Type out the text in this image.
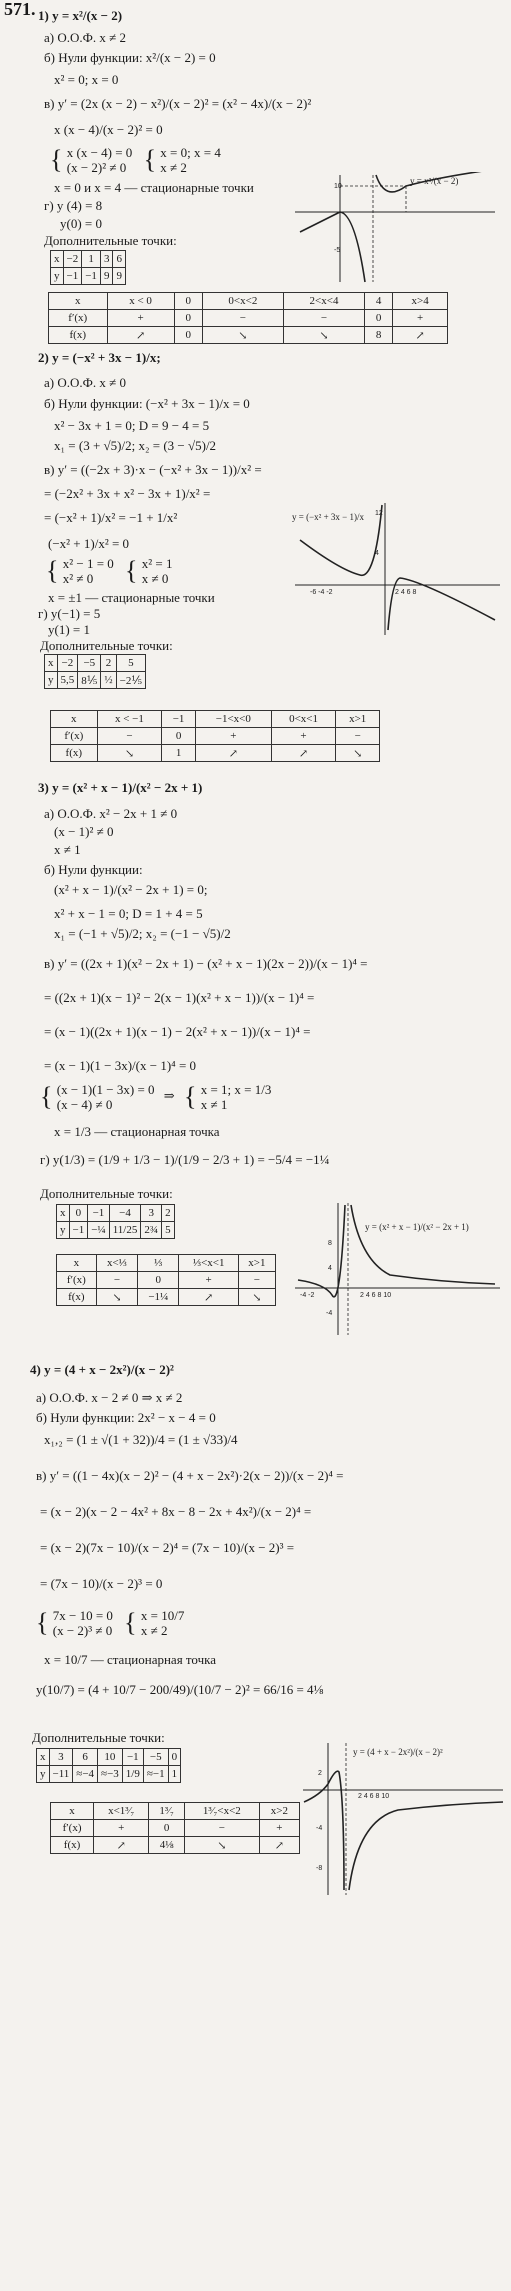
571. 1) y = x²/(x − 2)
а) О.О.Ф. x ≠ 2
б) Нули функции: x²/(x − 2) = 0
x² = 0; x = 0
в) y′ = (2x (x − 2) − x²)/(x − 2)² = (x² − 4x)/(x − 2)²
x (x − 4)/(x − 2)² = 0
{ x (x − 4) = 0
(x − 2)² ≠ 0 { x = 0; x = 4
x ≠ 2
x = 0 и x = 4 — стационарные точки
г) y (4) = 8
y(0) = 0
Дополнительные точки:
x	−2	1	3	6
y	−1	−1	9	9
x	x < 0	0	0<x<2	2<x<4	4	x>4
f′(x)	+	0	−	−	0	+
f(x)	↗	0	↘	↘	8	↗
10
-5
y = x²/(x − 2)
2) y = (−x² + 3x − 1)/x;
а) О.О.Ф. x ≠ 0
б) Нули функции: (−x² + 3x − 1)/x = 0
x² − 3x + 1 = 0; D = 9 − 4 = 5
x₁ = (3 + √5)/2; x₂ = (3 − √5)/2
в) y′ = ((−2x + 3)·x − (−x² + 3x − 1))/x² =
= (−2x² + 3x + x² − 3x + 1)/x² =
= (−x² + 1)/x² = −1 + 1/x²
(−x² + 1)/x² = 0
{ x² − 1 = 0
x² ≠ 0	{ x² = 1
x ≠ 0
x = ±1 — стационарные точки
г) y(−1) = 5
y(1) = 1
Дополнительные точки:
x	−2	−5	2	5
y	5,5	8⅕	½	−2⅕
x	x < −1	−1	−1<x<0	0<x<1	x>1
f′(x)	−	0	+	+	−
f(x)	↘	1	↗	↗	↘
12
4
-6 -4 -2	2 4 6 8
y = (−x² + 3x − 1)/x
3) y = (x² + x − 1)/(x² − 2x + 1)
а) О.О.Ф. x² − 2x + 1 ≠ 0
(x − 1)² ≠ 0
x ≠ 1
б) Нули функции:
(x² + x − 1)/(x² − 2x + 1) = 0;
x² + x − 1 = 0; D = 1 + 4 = 5
x₁ = (−1 + √5)/2; x₂ = (−1 − √5)/2
в) y′ = ((2x + 1)(x² − 2x + 1) − (x² + x − 1)(2x − 2))/(x − 1)⁴ =
= ((2x + 1)(x − 1)² − 2(x − 1)(x² + x − 1))/(x − 1)⁴ =
= (x − 1)((2x + 1)(x − 1) − 2(x² + x − 1))/(x − 1)⁴ =
= (x − 1)(1 − 3x)/(x − 1)⁴ = 0
{ (x − 1)(1 − 3x) = 0
(x − 4) ≠ 0
⇒ { x = 1; x = 1/3
x ≠ 1
x = 1/3 — стационарная точка
г) y(1/3) = (1/9 + 1/3 − 1)/(1/9 − 2/3 + 1) = −5/4 = −1¼
Дополнительные точки:
x	0	−1	−4	3	2
y	−1	−¼	11/25	2¾	5
x	x<⅓	⅓	⅓<x<1	x>1
f′(x)	−	0	+	−
f(x)	↘	−1¼	↗	↘
8
4
-4
-4 -2	2 4 6 8 10
y = (x² + x − 1)/(x² − 2x + 1)
4) y = (4 + x − 2x²)/(x − 2)²
а) О.О.Ф. x − 2 ≠ 0 ⇒ x ≠ 2
б) Нули функции: 2x² − x − 4 = 0
x₁,₂ = (1 ± √(1 + 32))/4 = (1 ± √33)/4
в) y′ = ((1 − 4x)(x − 2)² − (4 + x − 2x²)·2(x − 2))/(x − 2)⁴ =
= (x − 2)(x − 2 − 4x² + 8x − 8 − 2x + 4x²)/(x − 2)⁴ =
= (x − 2)(7x − 10)/(x − 2)⁴ = (7x − 10)/(x − 2)³ =
= (7x − 10)/(x − 2)³ = 0
{ 7x − 10 = 0
(x − 2)³ ≠ 0 { x = 10/7
x ≠ 2
x = 10/7 — стационарная точка
y(10/7) = (4 + 10/7 − 200/49)/(10/7 − 2)² = 66/16 = 4⅛
Дополнительные точки:
x	3	6	10	−1	−5	0
y	−11	≈−4	≈−3	1/9	≈−1	1
x	x<1³⁄₇	1³⁄₇	1³⁄₇<x<2	x>2
f′(x)	+	0	−	+
f(x)	↗	4⅛	↘	↗
2
-4
-8
2 4 6 8 10
y = (4 + x − 2x²)/(x − 2)²
